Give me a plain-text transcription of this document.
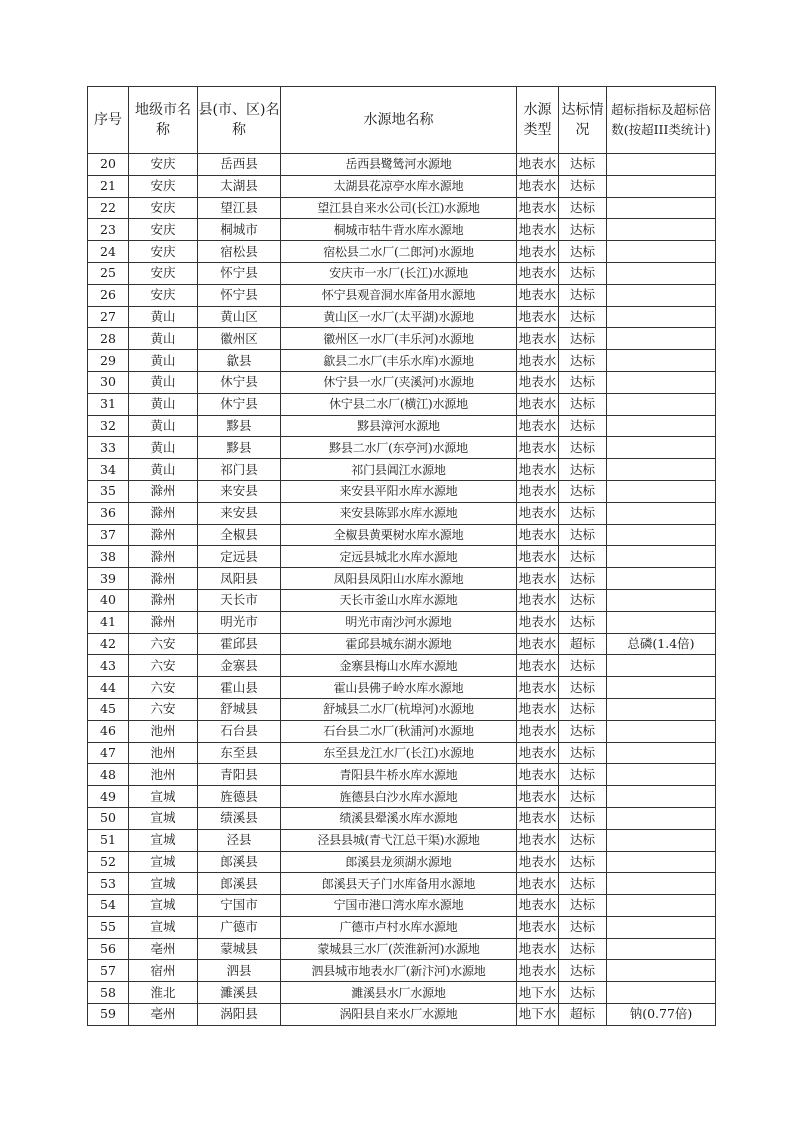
序号	地级市名称	县(市、区)名称	水源地名称	水源类型	达标情况	超标指标及超标倍数(按超III类统计)
20	安庆	岳西县	岳西县鹭鸶河水源地	地表水	达标	
21	安庆	太湖县	太湖县花凉亭水库水源地	地表水	达标	
22	安庆	望江县	望江县自来水公司(长江)水源地	地表水	达标	
23	安庆	桐城市	桐城市牯牛背水库水源地	地表水	达标	
24	安庆	宿松县	宿松县二水厂(二郎河)水源地	地表水	达标	
25	安庆	怀宁县	安庆市一水厂(长江)水源地	地表水	达标	
26	安庆	怀宁县	怀宁县观音洞水库备用水源地	地表水	达标	
27	黄山	黄山区	黄山区一水厂(太平湖)水源地	地表水	达标	
28	黄山	徽州区	徽州区一水厂(丰乐河)水源地	地表水	达标	
29	黄山	歙县	歙县二水厂(丰乐水库)水源地	地表水	达标	
30	黄山	休宁县	休宁县一水厂(夹溪河)水源地	地表水	达标	
31	黄山	休宁县	休宁县二水厂(横江)水源地	地表水	达标	
32	黄山	黟县	黟县漳河水源地	地表水	达标	
33	黄山	黟县	黟县二水厂(东亭河)水源地	地表水	达标	
34	黄山	祁门县	祁门县阊江水源地	地表水	达标	
35	滁州	来安县	来安县平阳水库水源地	地表水	达标	
36	滁州	来安县	来安县陈郢水库水源地	地表水	达标	
37	滁州	全椒县	全椒县黄栗树水库水源地	地表水	达标	
38	滁州	定远县	定远县城北水库水源地	地表水	达标	
39	滁州	凤阳县	凤阳县凤阳山水库水源地	地表水	达标	
40	滁州	天长市	天长市釜山水库水源地	地表水	达标	
41	滁州	明光市	明光市南沙河水源地	地表水	达标	
42	六安	霍邱县	霍邱县城东湖水源地	地表水	超标	总磷(1.4倍)
43	六安	金寨县	金寨县梅山水库水源地	地表水	达标	
44	六安	霍山县	霍山县佛子岭水库水源地	地表水	达标	
45	六安	舒城县	舒城县二水厂(杭埠河)水源地	地表水	达标	
46	池州	石台县	石台县二水厂(秋浦河)水源地	地表水	达标	
47	池州	东至县	东至县龙江水厂(长江)水源地	地表水	达标	
48	池州	青阳县	青阳县牛桥水库水源地	地表水	达标	
49	宣城	旌德县	旌德县白沙水库水源地	地表水	达标	
50	宣城	绩溪县	绩溪县翚溪水库水源地	地表水	达标	
51	宣城	泾县	泾县县城(青弋江总干渠)水源地	地表水	达标	
52	宣城	郎溪县	郎溪县龙须湖水源地	地表水	达标	
53	宣城	郎溪县	郎溪县天子门水库备用水源地	地表水	达标	
54	宣城	宁国市	宁国市港口湾水库水源地	地表水	达标	
55	宣城	广德市	广德市卢村水库水源地	地表水	达标	
56	亳州	蒙城县	蒙城县三水厂(茨淮新河)水源地	地表水	达标	
57	宿州	泗县	泗县城市地表水厂(新汴河)水源地	地表水	达标	
58	淮北	濉溪县	濉溪县水厂水源地	地下水	达标	
59	亳州	涡阳县	涡阳县自来水厂水源地	地下水	超标	钠(0.77倍)
